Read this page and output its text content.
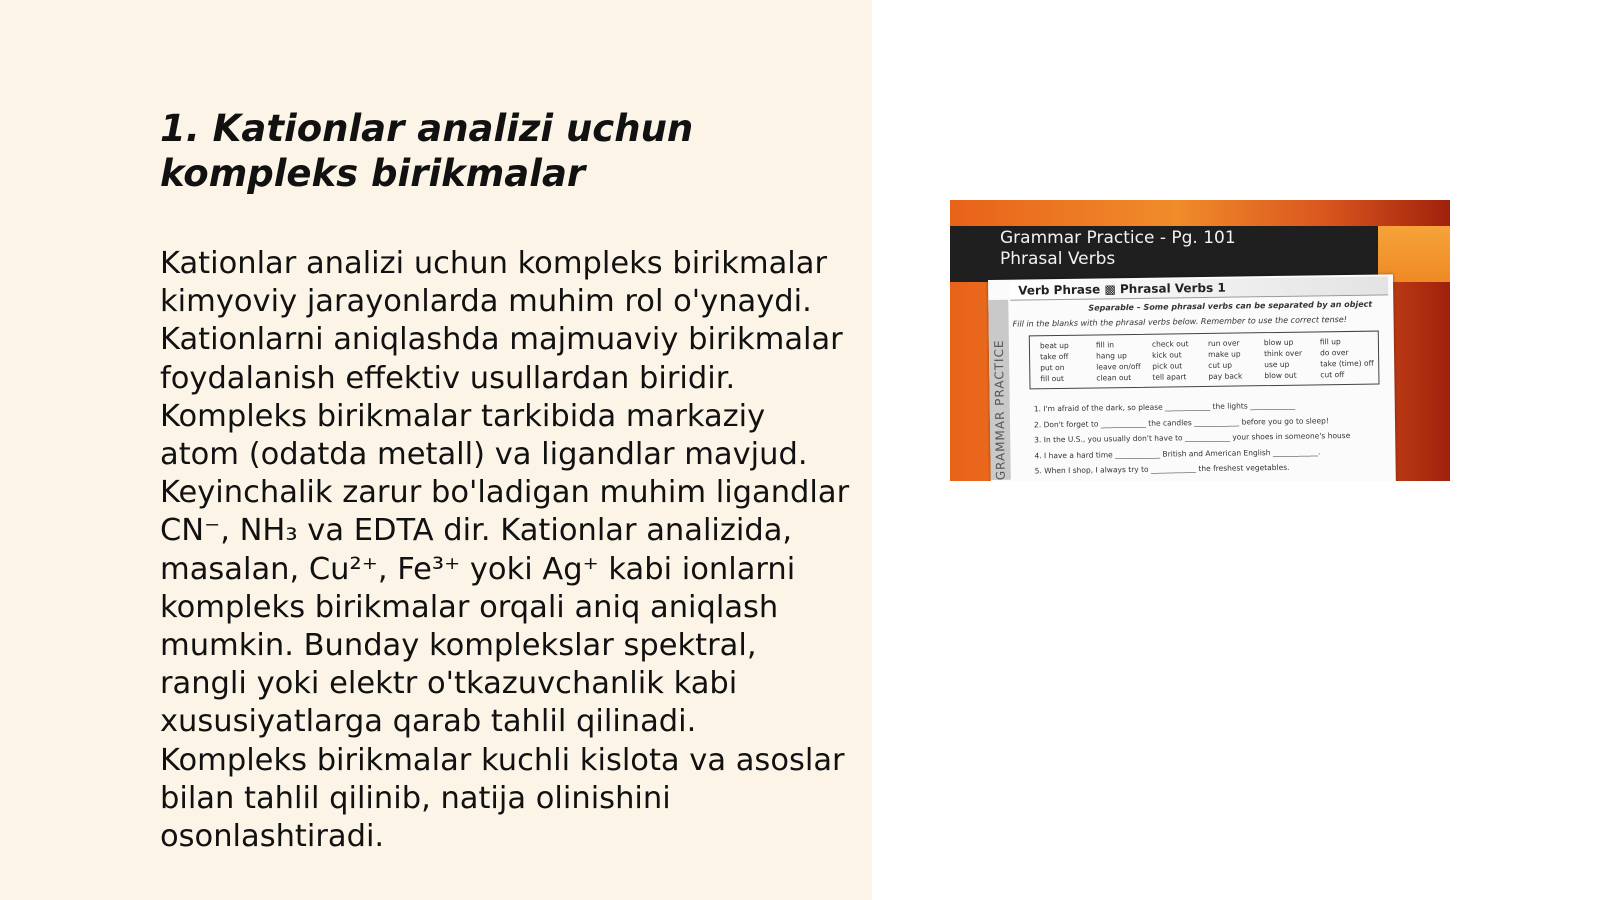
1. Kationlar analizi uchun kompleks birikmalar

Kationlar analizi uchun kompleks birikmalar kimyoviy jarayonlarda muhim rol o'ynaydi. Kationlarni aniqlashda majmuaviy birikmalar foydalanish effektiv usullardan biridir. Kompleks birikmalar tarkibida markaziy atom (odatda metall) va ligandlar mavjud. Keyinchalik zarur bo'ladigan muhim ligandlar CN⁻, NH₃ va EDTA dir. Kationlar analizida, masalan, Cu²⁺, Fe³⁺ yoki Ag⁺ kabi ionlarni kompleks birikmalar orqali aniq aniqlash mumkin. Bunday komplekslar spektral, rangli yoki elektr o'tkazuvchanlik kabi xususiyatlarga qarab tahlil qilinadi. Kompleks birikmalar kuchli kislota va asoslar bilan tahlil qilinib, natija olinishini osonlashtiradi.

Grammar Practice - Pg. 101
Phrasal Verbs

GRAMMAR PRACTICE

Verb Phrase ▩ Phrasal Verbs 1

Separable – Some phrasal verbs can be separated by an object

Fill in the blanks with the phrasal verbs below. Remember to use the correct tense!

beat up
take off
put on
fill out
fill in
hang up
leave on/off
clean out
check out
kick out
pick out
tell apart
run over
make up
cut up
pay back
blow up
think over
use up
blow out
fill up
do over
take (time) off
cut off
1. I'm afraid of the dark, so please ____________ the lights ____________
2. Don't forget to ____________ the candles ____________ before you go to sleep!
3. In the U.S., you usually don't have to ____________ your shoes in someone's house
4. I have a hard time ____________ British and American English ____________.
5. When I shop, I always try to ____________ the freshest vegetables.
